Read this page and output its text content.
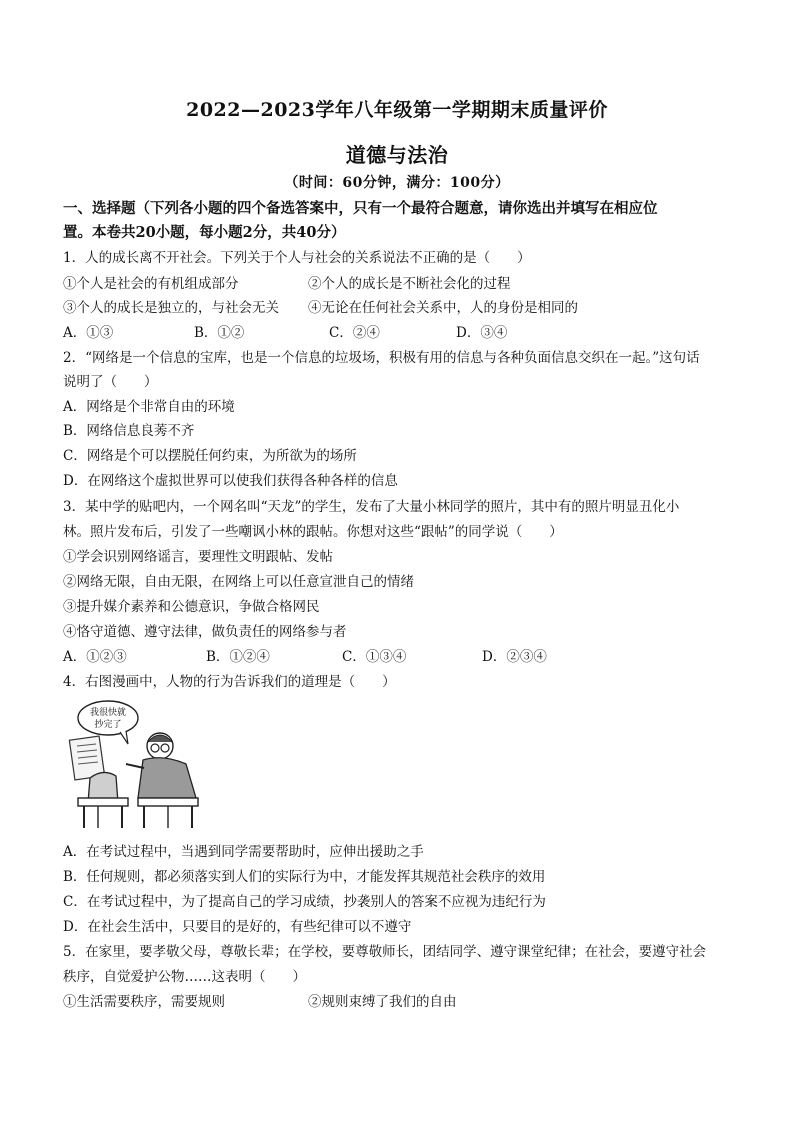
2022—2023学年八年级第一学期期末质量评价
道德与法治
（时间：60分钟，满分：100分）
一、选择题（下列各小题的四个备选答案中，只有一个最符合题意，请你选出并填写在相应位
置。本卷共20小题，每小题2分，共40分）
1．人的成长离不开社会。下列关于个人与社会的关系说法不正确的是（　　）
①个人是社会的有机组成部分	②个人的成长是不断社会化的过程
③个人的成长是独立的，与社会无关 ④无论在任何社会关系中，人的身份是相同的
A．①③	B．①②	C．②④	D．③④
2．“网络是一个信息的宝库，也是一个信息的垃圾场，积极有用的信息与各种负面信息交织在一起。”这句话
说明了（　　）
A．网络是个非常自由的环境
B．网络信息良莠不齐
C．网络是个可以摆脱任何约束，为所欲为的场所
D．在网络这个虚拟世界可以使我们获得各种各样的信息
3．某中学的贴吧内，一个网名叫“天龙”的学生，发布了大量小林同学的照片，其中有的照片明显丑化小
林。照片发布后，引发了一些嘲讽小林的跟帖。你想对这些“跟帖”的同学说（　　）
①学会识别网络谣言，要理性文明跟帖、发帖
②网络无限，自由无限，在网络上可以任意宣泄自己的情绪
③提升媒介素养和公德意识，争做合格网民
④恪守道德、遵守法律，做负责任的网络参与者
A．①②③	B．①②④	C．①③④	D．②③④
4．右图漫画中，人物的行为告诉我们的道理是（　　）
我很快就
抄完了
A．在考试过程中，当遇到同学需要帮助时，应伸出援助之手
B．任何规则，都必须落实到人们的实际行为中，才能发挥其规范社会秩序的效用
C．在考试过程中，为了提高自己的学习成绩，抄袭别人的答案不应视为违纪行为
D．在社会生活中，只要目的是好的，有些纪律可以不遵守
5．在家里，要孝敬父母，尊敬长辈；在学校，要尊敬师长，团结同学、遵守课堂纪律；在社会，要遵守社会
秩序，自觉爱护公物……这表明（　　）
①生活需要秩序，需要规则	②规则束缚了我们的自由
